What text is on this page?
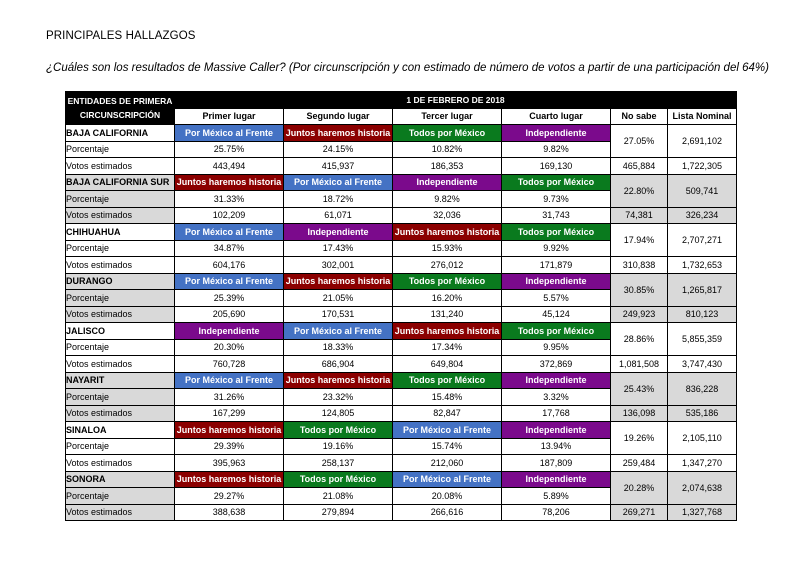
PRINCIPALES HALLAZGOS
¿Cuáles son los resultados de Massive Caller? (Por circunscripción y con estimado de número de votos a partir de una participación del 64%)
ENTIDADES DE PRIMERA CIRCUNSCRIPCIÓN	1 DE FEBRERO DE 2018					
	Primer lugar	Segundo lugar	Tercer lugar	Cuarto lugar	No sabe	Lista Nominal
BAJA CALIFORNIA	Por México al Frente	Juntos haremos historia	Todos por México	Independiente	27.05%	2,691,102
Porcentaje	25.75%	24.15%	10.82%	9.82%		
Votos estimados	443,494	415,937	186,353	169,130	465,884	1,722,305
BAJA CALIFORNIA SUR	Juntos haremos historia	Por México al Frente	Independiente	Todos por México	22.80%	509,741
Porcentaje	31.33%	18.72%	9.82%	9.73%		
Votos estimados	102,209	61,071	32,036	31,743	74,381	326,234
CHIHUAHUA	Por México al Frente	Independiente	Juntos haremos historia	Todos por México	17.94%	2,707,271
Porcentaje	34.87%	17.43%	15.93%	9.92%		
Votos estimados	604,176	302,001	276,012	171,879	310,838	1,732,653
DURANGO	Por México al Frente	Juntos haremos historia	Todos por México	Independiente	30.85%	1,265,817
Porcentaje	25.39%	21.05%	16.20%	5.57%		
Votos estimados	205,690	170,531	131,240	45,124	249,923	810,123
JALISCO	Independiente	Por México al Frente	Juntos haremos historia	Todos por México	28.86%	5,855,359
Porcentaje	20.30%	18.33%	17.34%	9.95%		
Votos estimados	760,728	686,904	649,804	372,869	1,081,508	3,747,430
NAYARIT	Por México al Frente	Juntos haremos historia	Todos por México	Independiente	25.43%	836,228
Porcentaje	31.26%	23.32%	15.48%	3.32%		
Votos estimados	167,299	124,805	82,847	17,768	136,098	535,186
SINALOA	Juntos haremos historia	Todos por México	Por México al Frente	Independiente	19.26%	2,105,110
Porcentaje	29.39%	19.16%	15.74%	13.94%		
Votos estimados	395,963	258,137	212,060	187,809	259,484	1,347,270
SONORA	Juntos haremos historia	Todos por México	Por México al Frente	Independiente	20.28%	2,074,638
Porcentaje	29.27%	21.08%	20.08%	5.89%		
Votos estimados	388,638	279,894	266,616	78,206	269,271	1,327,768
